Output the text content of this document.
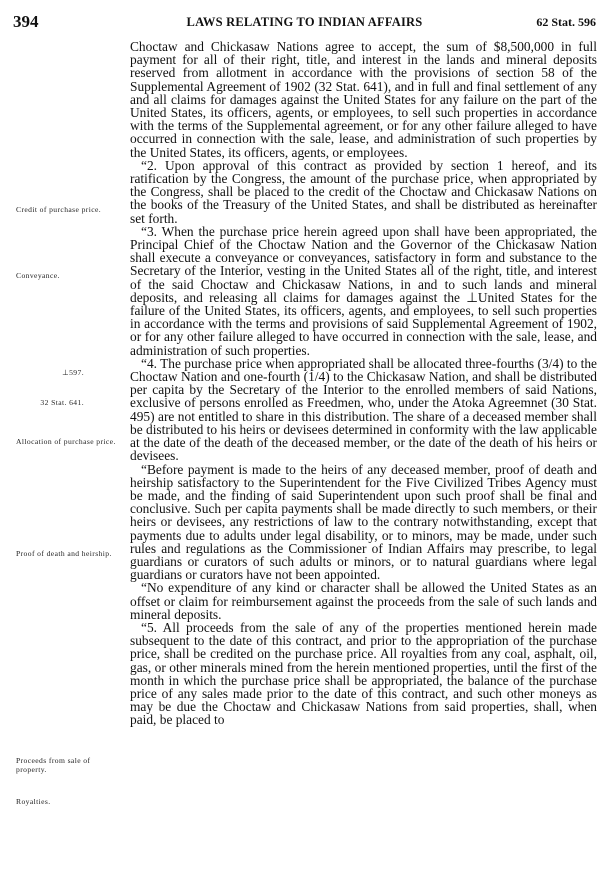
394	LAWS RELATING TO INDIAN AFFAIRS	62 Stat. 596
Credit of purchase price.
Conveyance.
⊥597.
32 Stat. 641.
Allocation of purchase price.
Proof of death and heirship.
Proceeds from sale of property.
Royalties.

Choctaw and Chickasaw Nations agree to accept, the sum of $8,500,000 in full payment for all of their right, title, and interest in the lands and mineral deposits reserved from allotment in accordance with the provisions of section 58 of the Supplemental Agreement of 1902 (32 Stat. 641), and in full and final settlement of any and all claims for damages against the United States for any failure on the part of the United States, its officers, agents, or employees, to sell such properties in accordance with the terms of the Supplemental agreement, or for any other failure alleged to have occurred in connection with the sale, lease, and administration of such properties by the United States, its officers, agents, or employees.

“2. Upon approval of this contract as provided by section 1 hereof, and its ratification by the Congress, the amount of the purchase price, when appropriated by the Congress, shall be placed to the credit of the Choctaw and Chickasaw Nations on the books of the Treasury of the United States, and shall be distributed as hereinafter set forth.

“3. When the purchase price herein agreed upon shall have been appropriated, the Principal Chief of the Choctaw Nation and the Governor of the Chickasaw Nation shall execute a conveyance or conveyances, satisfactory in form and substance to the Secretary of the Interior, vesting in the United States all of the right, title, and interest of the said Choctaw and Chickasaw Nations, in and to such lands and mineral deposits, and releasing all claims for damages against the ⊥United States for the failure of the United States, its officers, agents, and employees, to sell such properties in accordance with the terms and provisions of said Supplemental Agreement of 1902, or for any other failure alleged to have occurred in connection with the sale, lease, and administration of such properties.

“4. The purchase price when appropriated shall be allocated three-fourths (3/4) to the Choctaw Nation and one-fourth (1/4) to the Chickasaw Nation, and shall be distributed per capita by the Secretary of the Interior to the enrolled members of said Nations, exclusive of persons enrolled as Freedmen, who, under the Atoka Agreemnet (30 Stat. 495) are not entitled to share in this distribution. The share of a deceased member shall be distributed to his heirs or devisees determined in conformity with the law applicable at the date of the death of the deceased member, or the date of the death of his heirs or devisees.

“Before payment is made to the heirs of any deceased member, proof of death and heirship satisfactory to the Superintendent for the Five Civilized Tribes Agency must be made, and the finding of said Superintendent upon such proof shall be final and conclusive. Such per capita payments shall be made directly to such members, or their heirs or devisees, any restrictions of law to the contrary notwithstanding, except that payments due to adults under legal disability, or to minors, may be made, under such rules and regulations as the Commissioner of Indian Affairs may prescribe, to legal guardians or curators of such adults or minors, or to natural guardians where legal guardians or curators have not been appointed.

“No expenditure of any kind or character shall be allowed the United States as an offset or claim for reimbursement against the proceeds from the sale of such lands and mineral deposits.

“5. All proceeds from the sale of any of the properties mentioned herein made subsequent to the date of this contract, and prior to the appropriation of the purchase price, shall be credited on the purchase price. All royalties from any coal, asphalt, oil, gas, or other minerals mined from the herein mentioned properties, until the first of the month in which the purchase price shall be appropriated, the balance of the purchase price of any sales made prior to the date of this contract, and such other moneys as may be due the Choctaw and Chickasaw Nations from said properties, shall, when paid, be placed to
